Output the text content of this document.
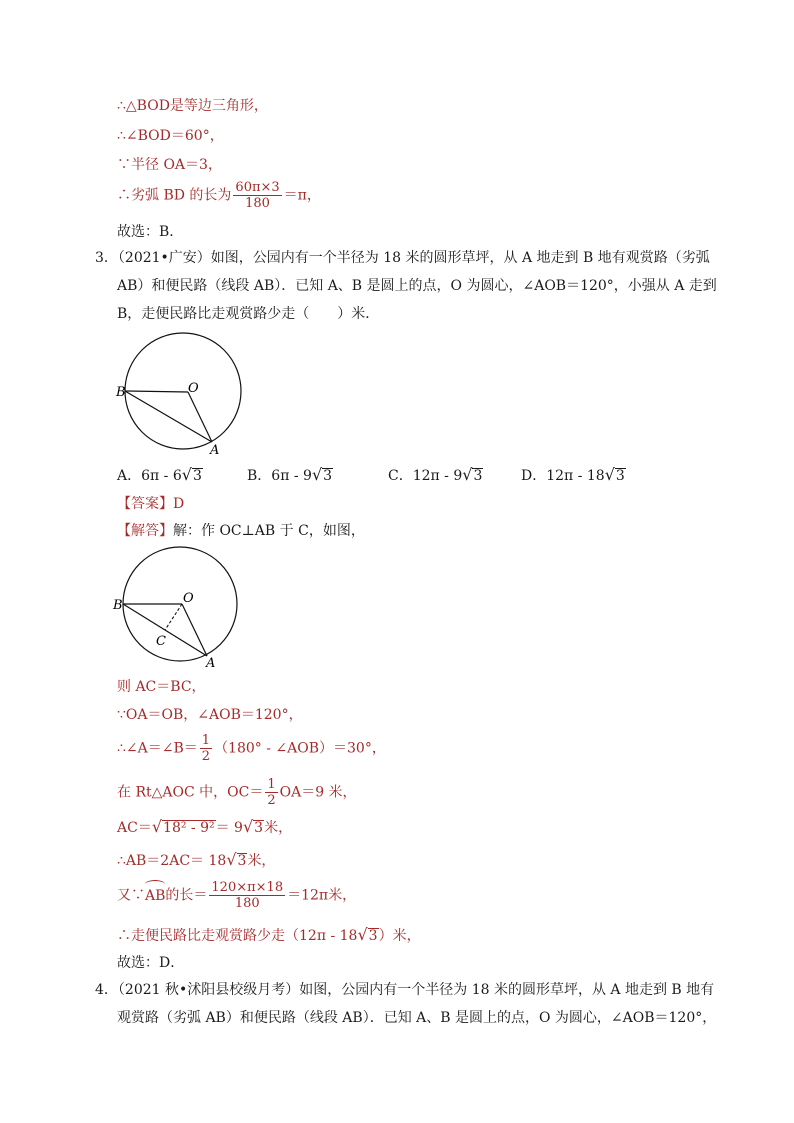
∴△BOD是等边三角形，
∴∠BOD＝60°，
∵半径 OA＝3，
∴劣弧 BD 的长为 $\frac{60\pi\times 3}{180} =\pi$，
故选：B．
3．（2021•广安）如图，公园内有一个半径为 18 米的圆形草坪，从 A 地走到 B 地有观赏路（劣弧
AB）和便民路（线段 AB）．已知 A、B 是圆上的点，O 为圆心，∠AOB＝120°，小强从 A 走到
B，走便民路比走观赏路少走（　　）米．
B	O
A
A．6π - 6√3	B．6π - 9√3	C．12π - 9√3	D．12π - 18√3
【答案】D
【解答】解：作 OC⊥AB 于 C，如图，
B	O
C
A
则 AC＝BC，
∵OA＝OB，∠AOB＝120°，
∴∠A＝∠B＝ $\frac{1}{2} (180^\circ$ - ∠AOB）＝30°，
在 Rt△AOC 中，$OC= \frac{1}{2} OA=9$ 米，
AC＝√18² - 9²＝ 9√3米，
∴AB＝2AC＝ 18√3米，
又∵
AB的长＝ $\frac{120\times\pi\times 18}{180} =12\pi$米，
∴走便民路比走观赏路少走（12π - 18√3）米，
故选：D．
4．（2021 秋•沭阳县校级月考）如图，公园内有一个半径为 18 米的圆形草坪，从 A 地走到 B 地有
观赏路（劣弧 AB）和便民路（线段 AB）．已知 A、B 是圆上的点，O 为圆心，∠AOB＝120°，
